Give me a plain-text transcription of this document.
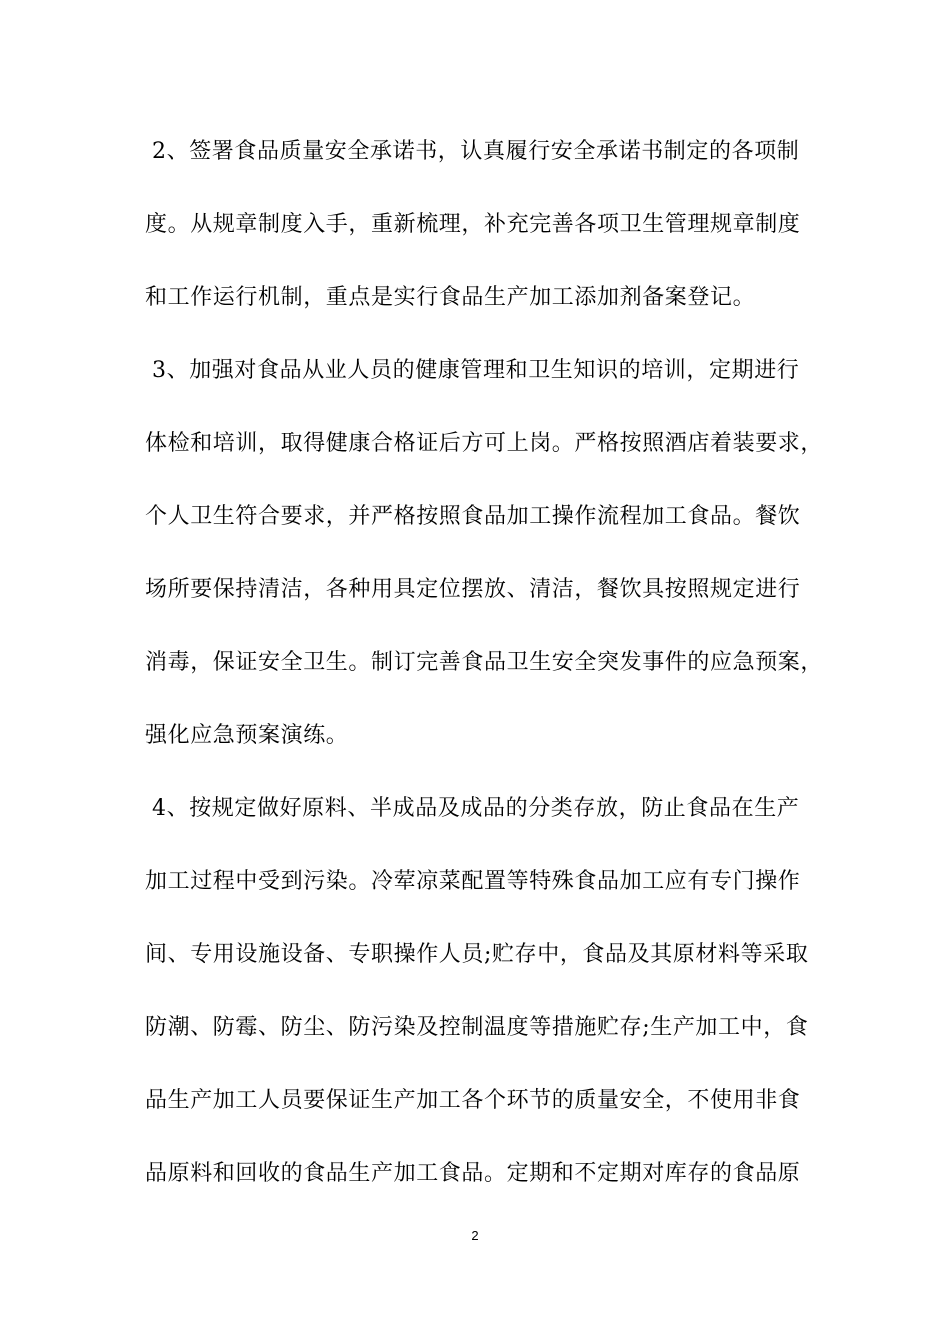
2、签署食品质量安全承诺书，认真履行安全承诺书制定的各项制
度。从规章制度入手，重新梳理，补充完善各项卫生管理规章制度
和工作运行机制，重点是实行食品生产加工添加剂备案登记。
3、加强对食品从业人员的健康管理和卫生知识的培训，定期进行
体检和培训，取得健康合格证后方可上岗。严格按照酒店着装要求，
个人卫生符合要求，并严格按照食品加工操作流程加工食品。餐饮
场所要保持清洁，各种用具定位摆放、清洁，餐饮具按照规定进行
消毒，保证安全卫生。制订完善食品卫生安全突发事件的应急预案，
强化应急预案演练。
4、按规定做好原料、半成品及成品的分类存放，防止食品在生产
加工过程中受到污染。冷荤凉菜配置等特殊食品加工应有专门操作
间、专用设施设备、专职操作人员;贮存中，食品及其原材料等采取
防潮、防霉、防尘、防污染及控制温度等措施贮存;生产加工中，食
品生产加工人员要保证生产加工各个环节的质量安全，不使用非食
品原料和回收的食品生产加工食品。定期和不定期对库存的食品原
2
